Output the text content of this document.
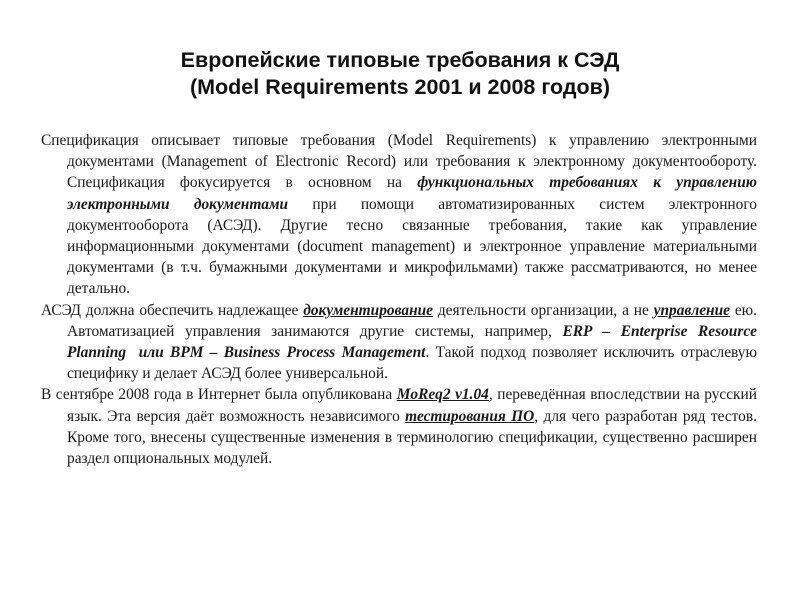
Европейские типовые требования к СЭД
(Model Requirements 2001 и 2008 годов)

Спецификация описывает типовые требования (Model Requirements) к управлению электронными документами (Management of Electronic Record) или требования к электронному документообороту. Спецификация фокусируется в основном на функциональных требованиях к управлению электронными документами при помощи автоматизированных систем электронного документооборота (АСЭД). Другие тесно связанные требования, такие как управление информационными документами (document management) и электронное управление материальными документами (в т.ч. бумажными документами и микрофильмами) также рассматриваются, но менее детально.

АСЭД должна обеспечить надлежащее документирование деятельности организации, а не управление ею. Автоматизацией управления занимаются другие системы, например, ERP – Enterprise Resource Planning или BPM – Business Process Management. Такой подход позволяет исключить отраслевую специфику и делает АСЭД более универсальной.

В сентябре 2008 года в Интернет была опубликована MoReq2 v1.04, переведённая впоследствии на русский язык. Эта версия даёт возможность независимого тестирования ПО, для чего разработан ряд тестов. Кроме того, внесены существенные изменения в терминологию спецификации, существенно расширен раздел опциональных модулей.
